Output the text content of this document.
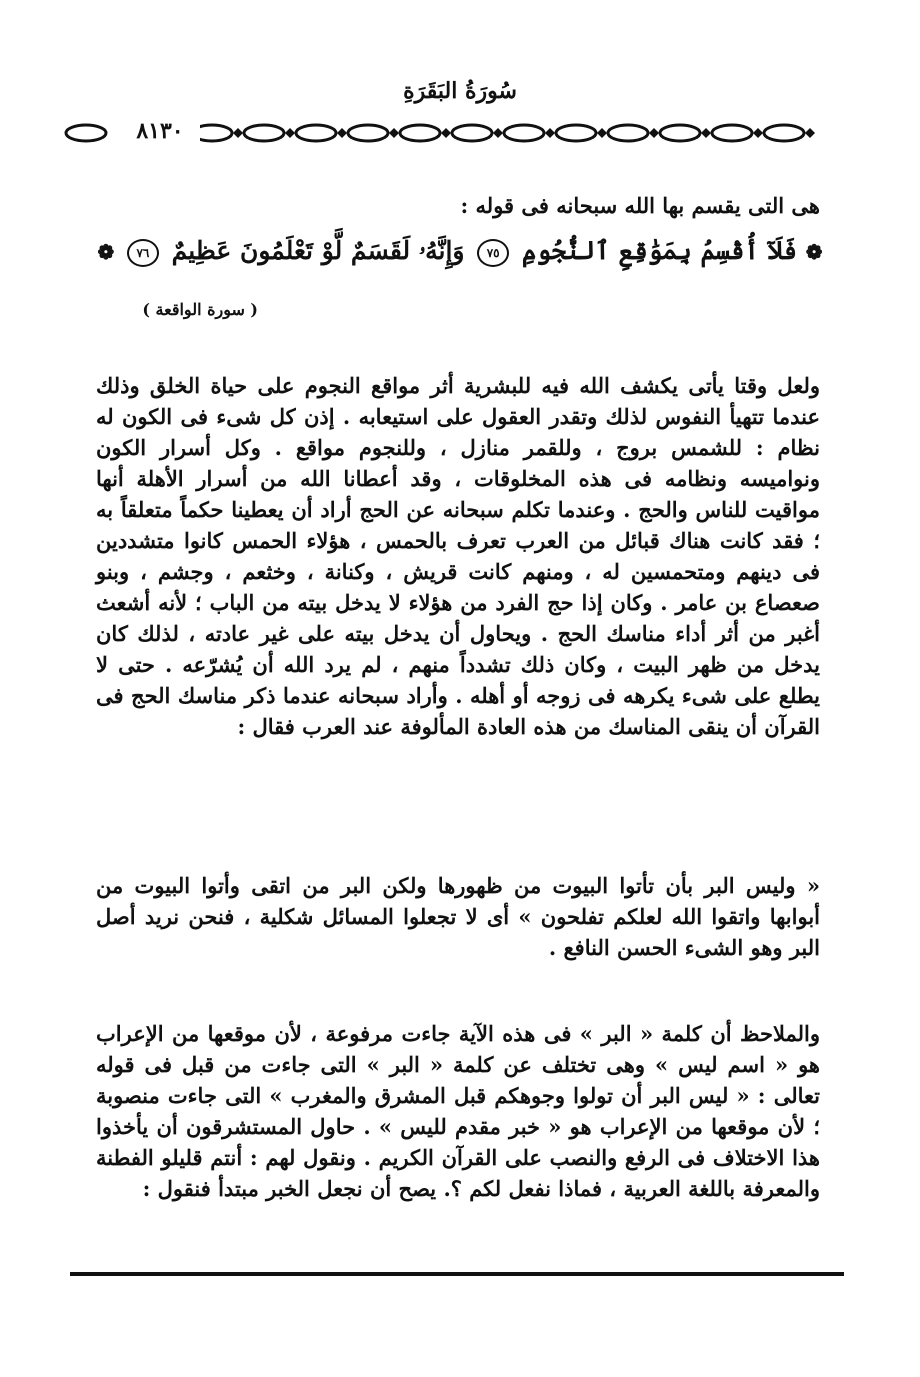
سُورَةُ البَقَرَةِ
٨١٣٠
هى التى يقسم بها الله سبحانه فى قوله :
❁ فَلَآ أُقْسِمُ بِمَوَٰقِعِ ٱلنُّجُومِ ٧٥ وَإِنَّهُۥ لَقَسَمٌ لَّوْ تَعْلَمُونَ عَظِيمٌ ٧٦ ❁
( سورة الواقعة )
ولعل وقتا يأتى يكشف الله فيه للبشرية أثر مواقع النجوم على حياة الخلق وذلك عندما تتهيأ النفوس لذلك وتقدر العقول على استيعابه . إذن كل شىء فى الكون له نظام : للشمس بروج ، وللقمر منازل ، وللنجوم مواقع . وكل أسرار الكون ونواميسه ونظامه فى هذه المخلوقات ، وقد أعطانا الله من أسرار الأهلة أنها مواقيت للناس والحج . وعندما تكلم سبحانه عن الحج أراد أن يعطينا حكماً متعلقاً به ؛ فقد كانت هناك قبائل من العرب تعرف بالحمس ، هؤلاء الحمس كانوا متشددين فى دينهم ومتحمسين له ، ومنهم كانت قريش ، وكنانة ، وخثعم ، وجشم ، وبنو صعصاع بن عامر . وكان إذا حج الفرد من هؤلاء لا يدخل بيته من الباب ؛ لأنه أشعث أغبر من أثر أداء مناسك الحج . ويحاول أن يدخل بيته على غير عادته ، لذلك كان يدخل من ظهر البيت ، وكان ذلك تشدداً منهم ، لم يرد الله أن يُشرّعه . حتى لا يطلع على شىء يكرهه فى زوجه أو أهله . وأراد سبحانه عندما ذكر مناسك الحج فى القرآن أن ينقى المناسك من هذه العادة المألوفة عند العرب فقال :
« وليس البر بأن تأتوا البيوت من ظهورها ولكن البر من اتقى وأتوا البيوت من أبوابها واتقوا الله لعلكم تفلحون » أى لا تجعلوا المسائل شكلية ، فنحن نريد أصل البر وهو الشىء الحسن النافع .
والملاحظ أن كلمة « البر » فى هذه الآية جاءت مرفوعة ، لأن موقعها من الإعراب هو « اسم ليس » وهى تختلف عن كلمة « البر » التى جاءت من قبل فى قوله تعالى : « ليس البر أن تولوا وجوهكم قبل المشرق والمغرب » التى جاءت منصوبة ؛ لأن موقعها من الإعراب هو « خبر مقدم لليس » . حاول المستشرقون أن يأخذوا هذا الاختلاف فى الرفع والنصب على القرآن الكريم . ونقول لهم : أنتم قليلو الفطنة والمعرفة باللغة العربية ، فماذا نفعل لكم ؟. يصح أن نجعل الخبر مبتدأ فنقول :
